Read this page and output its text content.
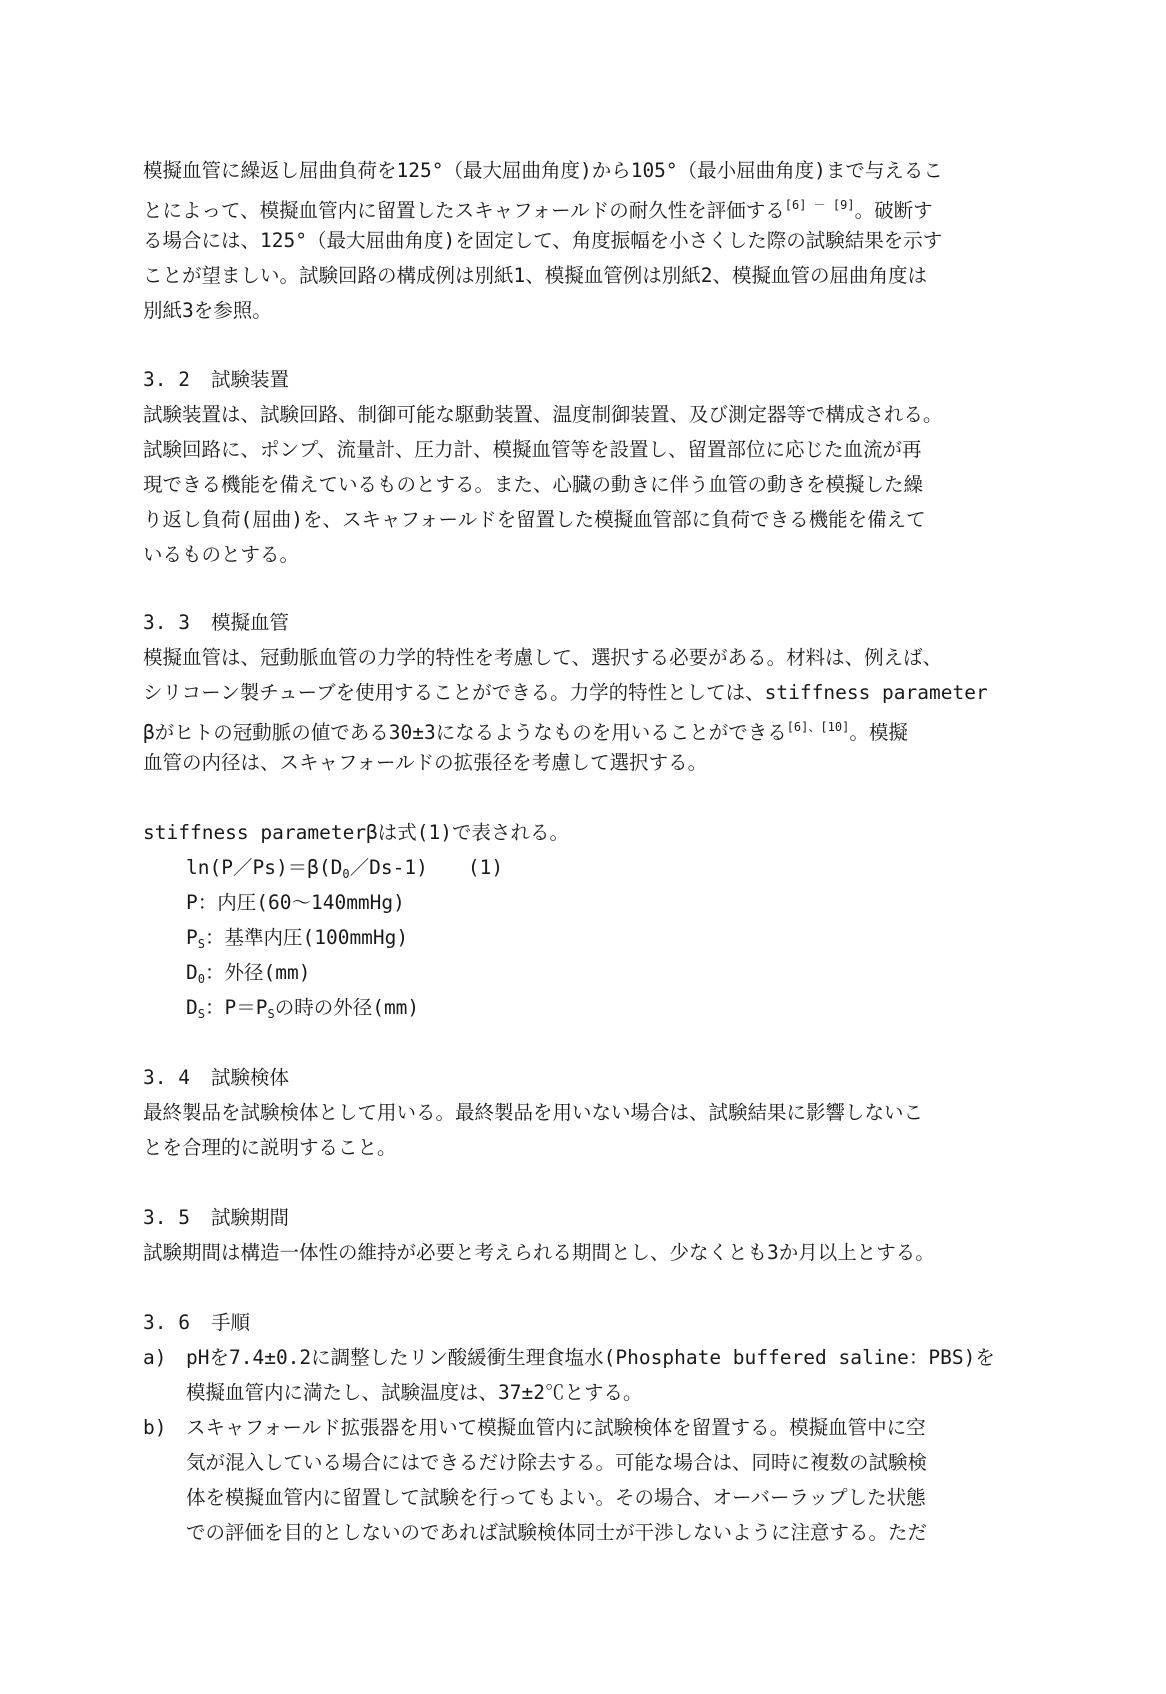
模擬血管に繰返し屈曲負荷を125°（最大屈曲角度)から105°（最小屈曲角度)まで与えるこ
とによって、模擬血管内に留置したスキャフォールドの耐久性を評価する[6] － [9]。破断す
る場合には、125°（最大屈曲角度)を固定して、角度振幅を小さくした際の試験結果を示す
ことが望ましい。試験回路の構成例は別紙1、模擬血管例は別紙2、模擬血管の屈曲角度は
別紙3を参照。

3. 2 試験装置

試験装置は、試験回路、制御可能な駆動装置、温度制御装置、及び測定器等で構成される。
試験回路に、ポンプ、流量計、圧力計、模擬血管等を設置し、留置部位に応じた血流が再
現できる機能を備えているものとする。また、心臓の動きに伴う血管の動きを模擬した繰
り返し負荷(屈曲)を、スキャフォールドを留置した模擬血管部に負荷できる機能を備えて
いるものとする。

3. 3 模擬血管

模擬血管は、冠動脈血管の力学的特性を考慮して、選択する必要がある。材料は、例えば、
シリコーン製チューブを使用することができる。力学的特性としては、stiffness parameter
βがヒトの冠動脈の値である30±3になるようなものを用いることができる[6]、[10]。模擬
血管の内径は、スキャフォールドの拡張径を考慮して選択する。

stiffness parameterβは式(1)で表される。

$\ln(P/Ps)=\beta(D_0/Ds-1)$ (1)
P：内圧(60～140mmHg)
$P_S$：基準内圧(100mmHg)
$D_0$：外径(mm)
$D_S$：$P=P_S$の時の外径(mm)

3. 4 試験検体

最終製品を試験検体として用いる。最終製品を用いない場合は、試験結果に影響しないこ
とを合理的に説明すること。

3. 5 試験期間

試験期間は構造一体性の維持が必要と考えられる期間とし、少なくとも3か月以上とする。

3. 6 手順

a) pHを7.4±0.2に調整したリン酸緩衝生理食塩水(Phosphate buffered saline：PBS)を
模擬血管内に満たし、試験温度は、37±2℃とする。
b) スキャフォールド拡張器を用いて模擬血管内に試験検体を留置する。模擬血管中に空
気が混入している場合にはできるだけ除去する。可能な場合は、同時に複数の試験検
体を模擬血管内に留置して試験を行ってもよい。その場合、オーバーラップした状態
での評価を目的としないのであれば試験検体同士が干渉しないように注意する。ただ
